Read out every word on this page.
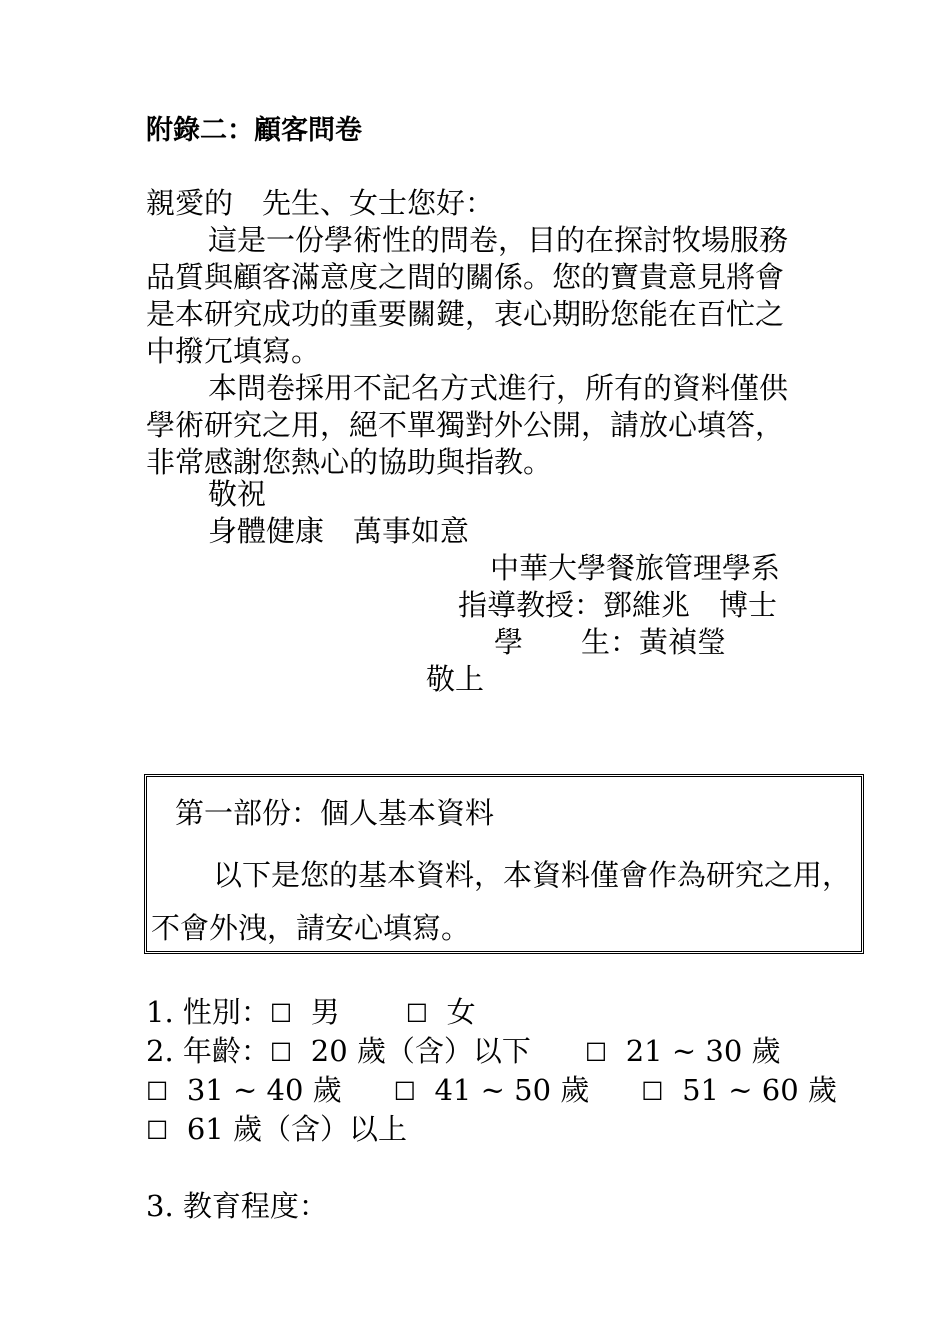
附錄二：顧客問卷
親愛的　先生、女士您好：
這是一份學術性的問卷，目的在探討牧場服務品質與顧客滿意度之間的關係。您的寶貴意見將會是本研究成功的重要關鍵，衷心期盼您能在百忙之中撥冗填寫。
本問卷採用不記名方式進行，所有的資料僅供學術研究之用，絕不單獨對外公開，請放心填答，非常感謝您熱心的協助與指教。
敬祝
身體健康　萬事如意
中華大學餐旅管理學系
指導教授：鄧維兆　博士
學　　生：黃禎瑩
敬上
第一部份：個人基本資料
以下是您的基本資料，本資料僅會作為研究之用，不會外洩，請安心填寫。
1. 性別：☐ 男	☐ 女
2. 年齡：☐ 20 歲（含）以下 ☐ 21 ~ 30 歲
☐ 31 ~ 40 歲 ☐ 41 ~ 50 歲 ☐ 51 ~ 60 歲
☐ 61 歲（含）以上
3. 教育程度：
